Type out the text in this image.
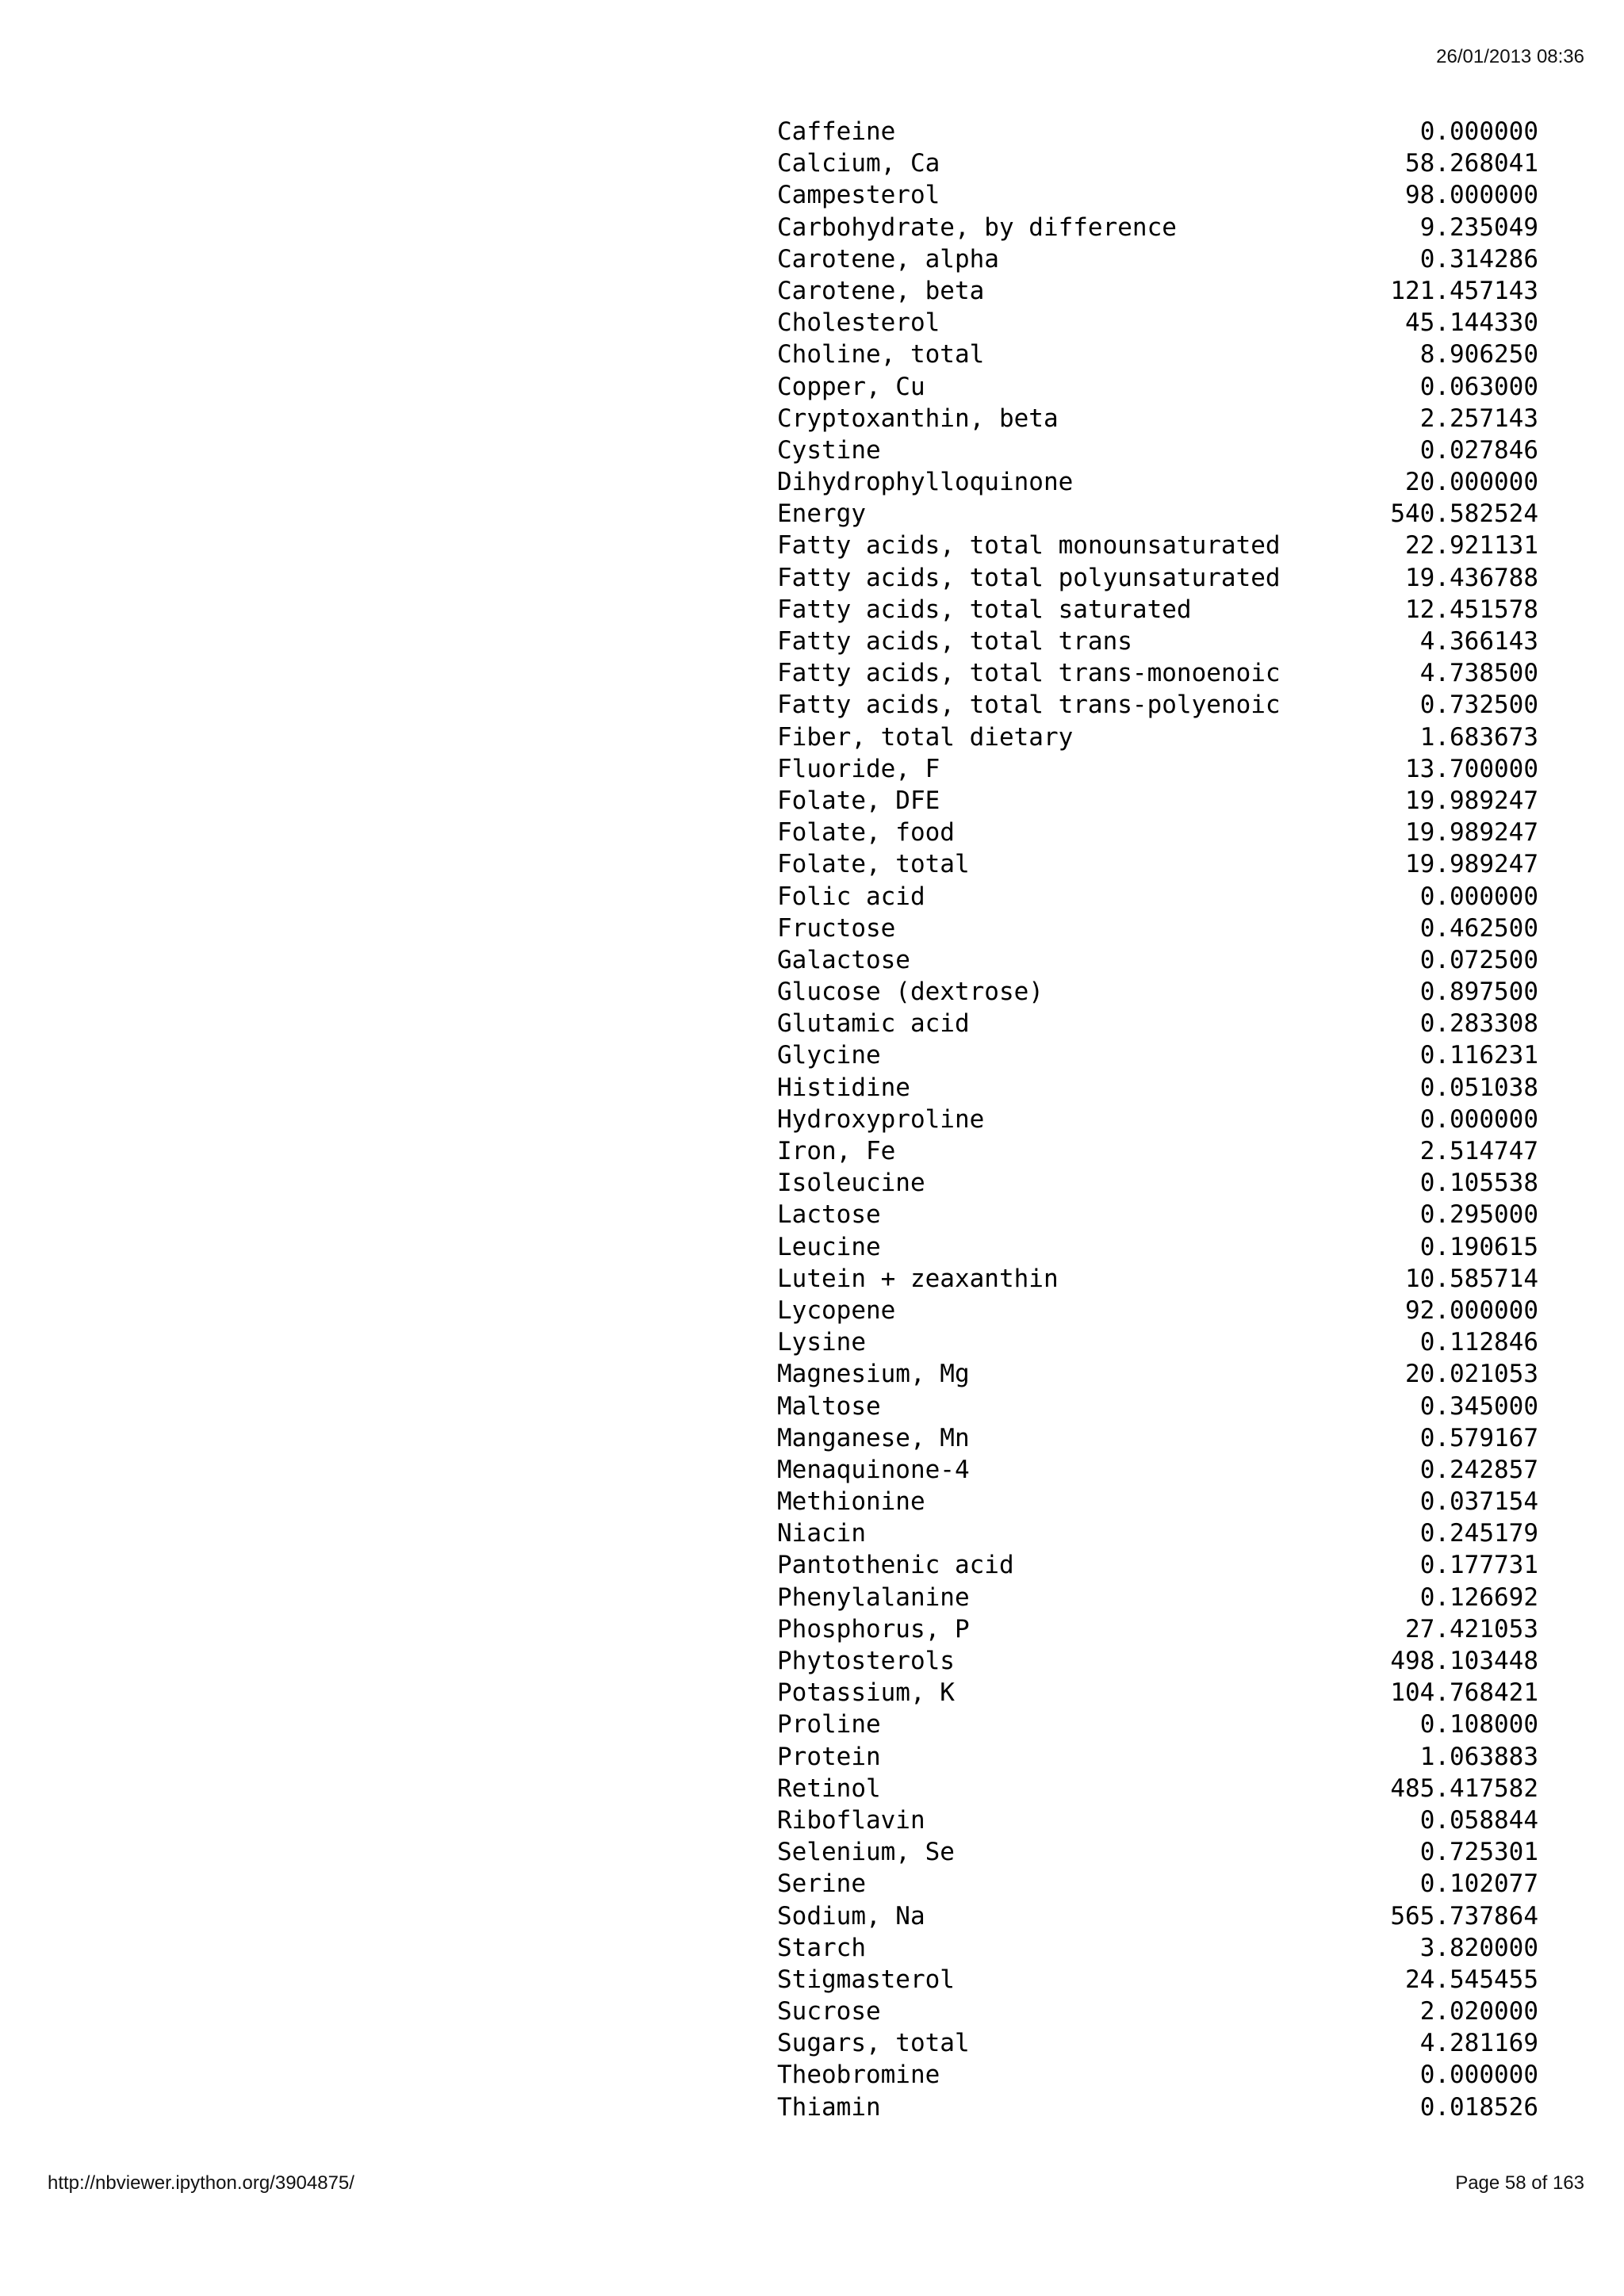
26/01/2013 08:36
Caffeine	0.000000
Calcium, Ca	58.268041
Campesterol	98.000000
Carbohydrate, by difference	9.235049
Carotene, alpha	0.314286
Carotene, beta	121.457143
Cholesterol	45.144330
Choline, total	8.906250
Copper, Cu	0.063000
Cryptoxanthin, beta	2.257143
Cystine	0.027846
Dihydrophylloquinone	20.000000
Energy	540.582524
Fatty acids, total monounsaturated	22.921131
Fatty acids, total polyunsaturated	19.436788
Fatty acids, total saturated	12.451578
Fatty acids, total trans	4.366143
Fatty acids, total trans-monoenoic	4.738500
Fatty acids, total trans-polyenoic	0.732500
Fiber, total dietary	1.683673
Fluoride, F	13.700000
Folate, DFE	19.989247
Folate, food	19.989247
Folate, total	19.989247
Folic acid	0.000000
Fructose	0.462500
Galactose	0.072500
Glucose (dextrose)	0.897500
Glutamic acid	0.283308
Glycine	0.116231
Histidine	0.051038
Hydroxyproline	0.000000
Iron, Fe	2.514747
Isoleucine	0.105538
Lactose	0.295000
Leucine	0.190615
Lutein + zeaxanthin	10.585714
Lycopene	92.000000
Lysine	0.112846
Magnesium, Mg	20.021053
Maltose	0.345000
Manganese, Mn	0.579167
Menaquinone-4	0.242857
Methionine	0.037154
Niacin	0.245179
Pantothenic acid	0.177731
Phenylalanine	0.126692
Phosphorus, P	27.421053
Phytosterols	498.103448
Potassium, K	104.768421
Proline	0.108000
Protein	1.063883
Retinol	485.417582
Riboflavin	0.058844
Selenium, Se	0.725301
Serine	0.102077
Sodium, Na	565.737864
Starch	3.820000
Stigmasterol	24.545455
Sucrose	2.020000
Sugars, total	4.281169
Theobromine	0.000000
Thiamin	0.018526
http://nbviewer.ipython.org/3904875/	Page 58 of 163
